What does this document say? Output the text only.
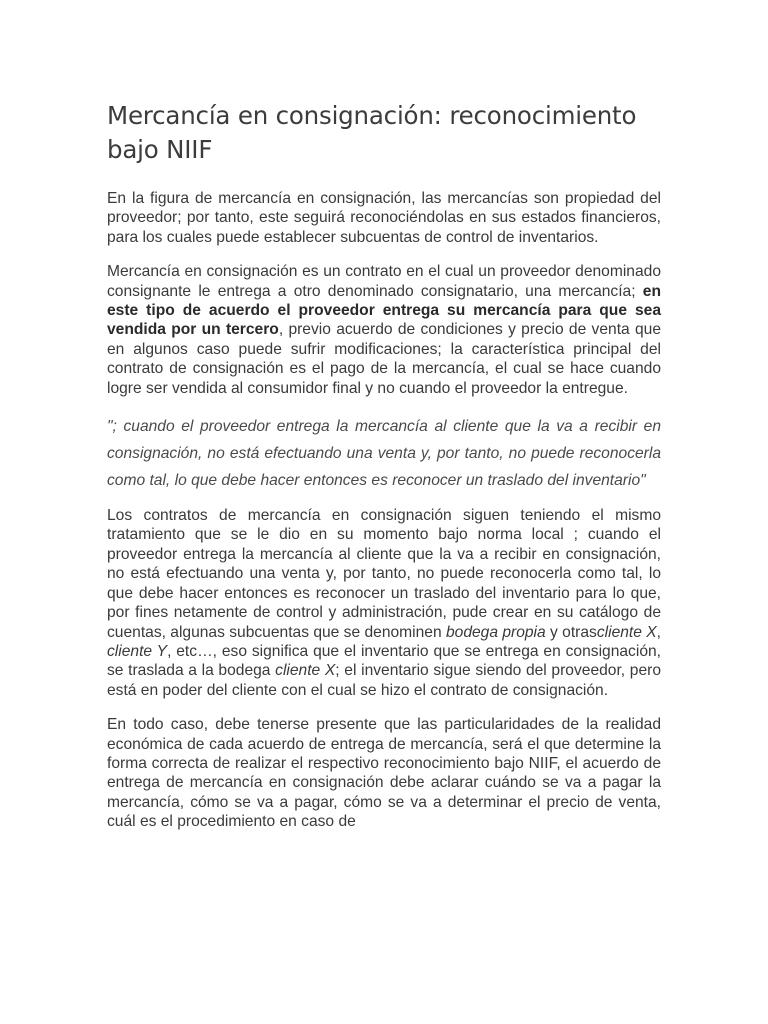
Mercancía en consignación: reconocimiento bajo NIIF

En la figura de mercancía en consignación, las mercancías son propiedad del proveedor; por tanto, este seguirá reconociéndolas en sus estados financieros, para los cuales puede establecer subcuentas de control de inventarios.

Mercancía en consignación es un contrato en el cual un proveedor denominado consignante le entrega a otro denominado consignatario, una mercancía; en este tipo de acuerdo el proveedor entrega su mercancía para que sea vendida por un tercero, previo acuerdo de condiciones y precio de venta que en algunos caso puede sufrir modificaciones; la característica principal del contrato de consignación es el pago de la mercancía, el cual se hace cuando logre ser vendida al consumidor final y no cuando el proveedor la entregue.

"; cuando el proveedor entrega la mercancía al cliente que la va a recibir en consignación, no está efectuando una venta y, por tanto, no puede reconocerla como tal, lo que debe hacer entonces es reconocer un traslado del inventario"

Los contratos de mercancía en consignación siguen teniendo el mismo tratamiento que se le dio en su momento bajo norma local ; cuando el proveedor entrega la mercancía al cliente que la va a recibir en consignación, no está efectuando una venta y, por tanto, no puede reconocerla como tal, lo que debe hacer entonces es reconocer un traslado del inventario para lo que, por fines netamente de control y administración, pude crear en su catálogo de cuentas, algunas subcuentas que se denominen bodega propia y otrascliente X, cliente Y, etc…, eso significa que el inventario que se entrega en consignación, se traslada a la bodega cliente X; el inventario sigue siendo del proveedor, pero está en poder del cliente con el cual se hizo el contrato de consignación.

En todo caso, debe tenerse presente que las particularidades de la realidad económica de cada acuerdo de entrega de mercancía, será el que determine la forma correcta de realizar el respectivo reconocimiento bajo NIIF, el acuerdo de entrega de mercancía en consignación debe aclarar cuándo se va a pagar la mercancía, cómo se va a pagar, cómo se va a determinar el precio de venta, cuál es el procedimiento en caso de
